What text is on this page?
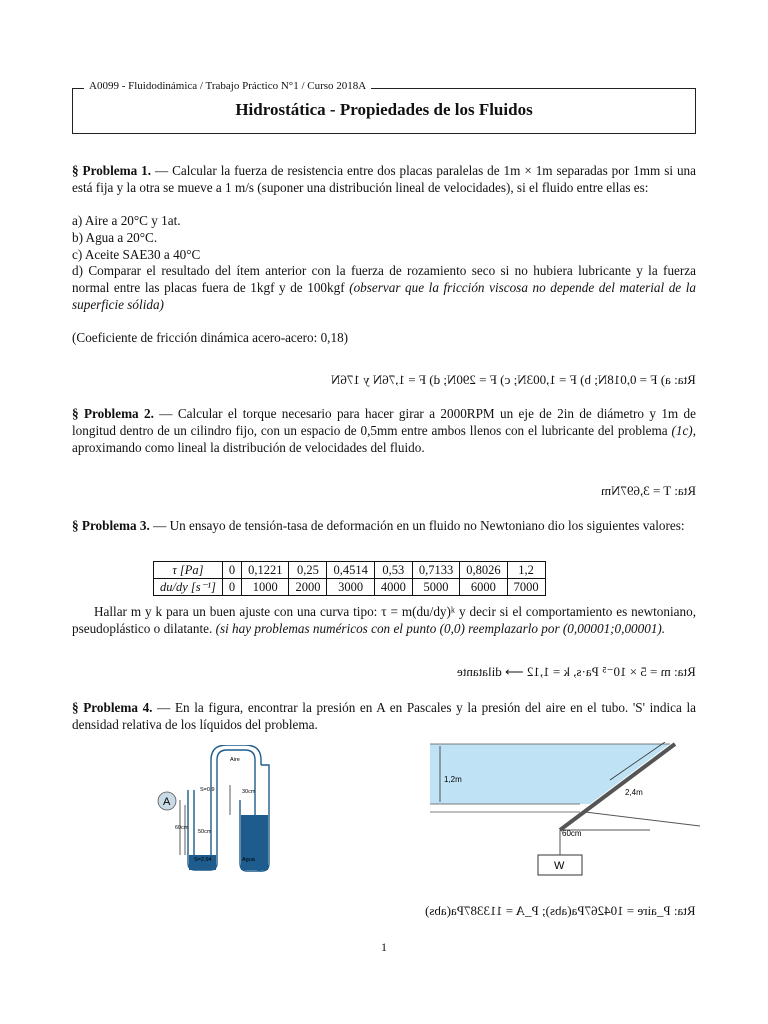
A0099 - Fluidodinámica / Trabajo Práctico N°1 / Curso 2018A
Hidrostática - Propiedades de los Fluidos
§ Problema 1. — Calcular la fuerza de resistencia entre dos placas paralelas de 1m × 1m separadas por 1mm si una está fija y la otra se mueve a 1 m/s (suponer una distribución lineal de velocidades), si el fluido entre ellas es:
a) Aire a 20°C y 1at.
b) Agua a 20°C.
c) Aceite SAE30 a 40°C
d) Comparar el resultado del ítem anterior con la fuerza de rozamiento seco si no hubiera lubricante y la fuerza normal entre las placas fuera de 1kgf y de 100kgf (observar que la fricción viscosa no depende del material de la superficie sólida)
(Coeficiente de fricción dinámica acero-acero: 0,18)
Rta: a) F = 0,018N; b) F = 1,003N; c) F = 290N; d) F = 1,76N y 176N
§ Problema 2. — Calcular el torque necesario para hacer girar a 2000RPM un eje de 2in de diámetro y 1m de longitud dentro de un cilindro fijo, con un espacio de 0,5mm entre ambos llenos con el lubricante del problema (1c), aproximando como lineal la distribución de velocidades del fluido.
Rta: T = 3,697Nm
§ Problema 3. — Un ensayo de tensión-tasa de deformación en un fluido no Newtoniano dio los siguientes valores:
τ [Pa]	0	0,1221	0,25	0,4514	0,53	0,7133	0,8026	1,2
du/dy [s⁻¹]	0	1000	2000	3000	4000	5000	6000	7000
Hallar m y k para un buen ajuste con una curva tipo: τ = m(du/dy)ᵏ y decir si el comportamiento es newtoniano, pseudoplástico o dilatante. (si hay problemas numéricos con el punto (0,0) reemplazarlo por (0,00001;0,00001).
Rta: m = 5 × 10⁻⁵ Pa·s, k = 1,12 ⟶ dilatante
§ Problema 4. — En la figura, encontrar la presión en A en Pascales y la presión del aire en el tubo. 'S' indica la densidad relativa de los líquidos del problema.
A
S=0,9
60cm
50cm
30cm
Aire
Agua
S=2,94	W
1,2m
2,4m
60cm
Rta: P_aire = 104267Pa(abs); P_A = 113387Pa(abs)
1
